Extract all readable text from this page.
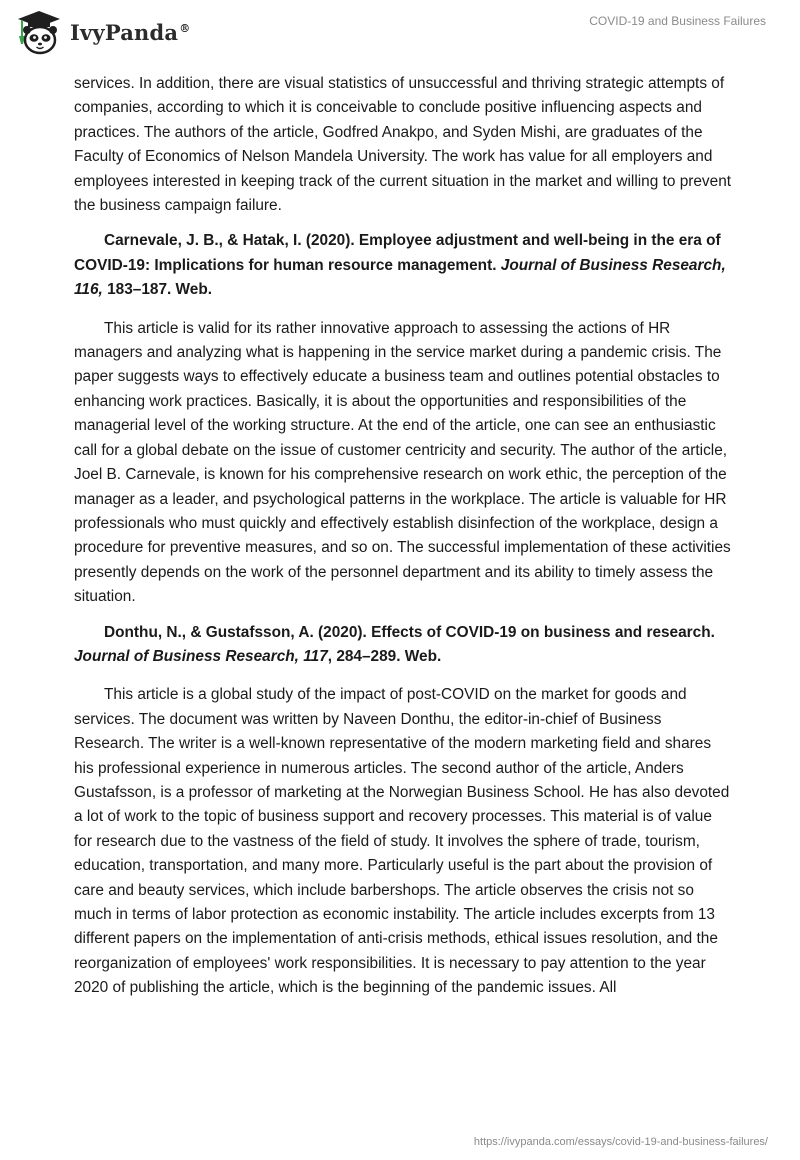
IvyPanda®	COVID-19 and Business Failures

services. In addition, there are visual statistics of unsuccessful and thriving strategic attempts of companies, according to which it is conceivable to conclude positive influencing aspects and practices. The authors of the article, Godfred Anakpo, and Syden Mishi, are graduates of the Faculty of Economics of Nelson Mandela University. The work has value for all employers and employees interested in keeping track of the current situation in the market and willing to prevent the business campaign failure.

Carnevale, J. B., & Hatak, I. (2020). Employee adjustment and well-being in the era of COVID-19: Implications for human resource management. Journal of Business Research, 116, 183–187. Web.

This article is valid for its rather innovative approach to assessing the actions of HR managers and analyzing what is happening in the service market during a pandemic crisis. The paper suggests ways to effectively educate a business team and outlines potential obstacles to enhancing work practices. Basically, it is about the opportunities and responsibilities of the managerial level of the working structure. At the end of the article, one can see an enthusiastic call for a global debate on the issue of customer centricity and security. The author of the article, Joel B. Carnevale, is known for his comprehensive research on work ethic, the perception of the manager as a leader, and psychological patterns in the workplace. The article is valuable for HR professionals who must quickly and effectively establish disinfection of the workplace, design a procedure for preventive measures, and so on. The successful implementation of these activities presently depends on the work of the personnel department and its ability to timely assess the situation.

Donthu, N., & Gustafsson, A. (2020). Effects of COVID-19 on business and research. Journal of Business Research, 117, 284–289. Web.

This article is a global study of the impact of post-COVID on the market for goods and services. The document was written by Naveen Donthu, the editor-in-chief of Business Research. The writer is a well-known representative of the modern marketing field and shares his professional experience in numerous articles. The second author of the article, Anders Gustafsson, is a professor of marketing at the Norwegian Business School. He has also devoted a lot of work to the topic of business support and recovery processes. This material is of value for research due to the vastness of the field of study. It involves the sphere of trade, tourism, education, transportation, and many more. Particularly useful is the part about the provision of care and beauty services, which include barbershops. The article observes the crisis not so much in terms of labor protection as economic instability. The article includes excerpts from 13 different papers on the implementation of anti-crisis methods, ethical issues resolution, and the reorganization of employees' work responsibilities. It is necessary to pay attention to the year 2020 of publishing the article, which is the beginning of the pandemic issues. All

https://ivypanda.com/essays/covid-19-and-business-failures/
